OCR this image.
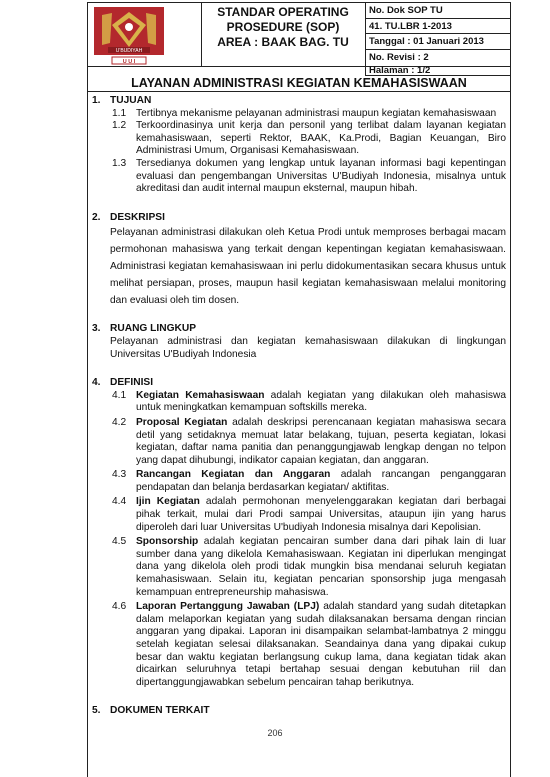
U'BUDIYAH
U U I
STANDAR OPERATING
PROSEDURE (SOP)
AREA : BAAK BAG. TU
No. Dok SOP TU
41. TU.LBR 1-2013
Tanggal : 01 Januari 2013
No. Revisi : 2
Halaman : 1/2
LAYANAN ADMINISTRASI KEGIATAN KEMAHASISWAAN
1. TUJUAN
1.1 Tertibnya mekanisme pelayanan administrasi maupun kegiatan kemahasiswaan
1.2 Terkoordinasinya unit kerja dan personil yang terlibat dalam layanan kegiatan kemahasiswaan, seperti Rektor, BAAK, Ka.Prodi, Bagian Keuangan, Biro Administrasi Umum, Organisasi Kemahasiswaan.
1.3 Tersedianya dokumen yang lengkap untuk layanan informasi bagi kepentingan evaluasi dan pengembangan Universitas U'Budiyah Indonesia, misalnya untuk akreditasi dan audit internal maupun eksternal, maupun hibah.
2. DESKRIPSI
Pelayanan administrasi dilakukan oleh Ketua Prodi untuk memproses berbagai macam permohonan mahasiswa yang terkait dengan kepentingan kegiatan kemahasiswaan. Administrasi kegiatan kemahasiswaan ini perlu didokumentasikan secara khusus untuk melihat persiapan, proses, maupun hasil kegiatan kemahasiswaan melalui monitoring dan evaluasi oleh tim dosen.
3. RUANG LINGKUP
Pelayanan administrasi dan kegiatan kemahasiswaan dilakukan di lingkungan Universitas U'Budiyah Indonesia
4. DEFINISI
4.1 Kegiatan Kemahasiswaan adalah kegiatan yang dilakukan oleh mahasiswa untuk meningkatkan kemampuan softskills mereka.
4.2 Proposal Kegiatan adalah deskripsi perencanaan kegiatan mahasiswa secara detil yang setidaknya memuat latar belakang, tujuan, peserta kegiatan, lokasi kegiatan, daftar nama panitia dan penanggungjawab lengkap dengan no telpon yang dapat dihubungi, indikator capaian kegiatan, dan anggaran.
4.3 Rancangan Kegiatan dan Anggaran adalah rancangan penganggaran pendapatan dan belanja berdasarkan kegiatan/ aktifitas.
4.4 Ijin Kegiatan adalah permohonan menyelenggarakan kegiatan dari berbagai pihak terkait, mulai dari Prodi sampai Universitas, ataupun ijin yang harus diperoleh dari luar Universitas U'budiyah Indonesia misalnya dari Kepolisian.
4.5 Sponsorship adalah kegiatan pencairan sumber dana dari pihak lain di luar sumber dana yang dikelola Kemahasiswaan. Kegiatan ini diperlukan mengingat dana yang dikelola oleh prodi tidak mungkin bisa mendanai seluruh kegiatan kemahasiswaan. Selain itu, kegiatan pencarian sponsorship juga mengasah kemampuan entrepreneurship mahasiswa.
4.6 Laporan Pertanggung Jawaban (LPJ) adalah standard yang sudah ditetapkan dalam melaporkan kegiatan yang sudah dilaksanakan bersama dengan rincian anggaran yang dipakai. Laporan ini disampaikan selambat-lambatnya 2 minggu setelah kegiatan selesai dilaksanakan. Seandainya dana yang dipakai cukup besar dan waktu kegiatan berlangsung cukup lama, dana kegiatan tidak akan dicairkan seluruhnya tetapi bertahap sesuai dengan kebutuhan riil dan dipertanggungjawabkan sebelum pencairan tahap berikutnya.
5. DOKUMEN TERKAIT
206
